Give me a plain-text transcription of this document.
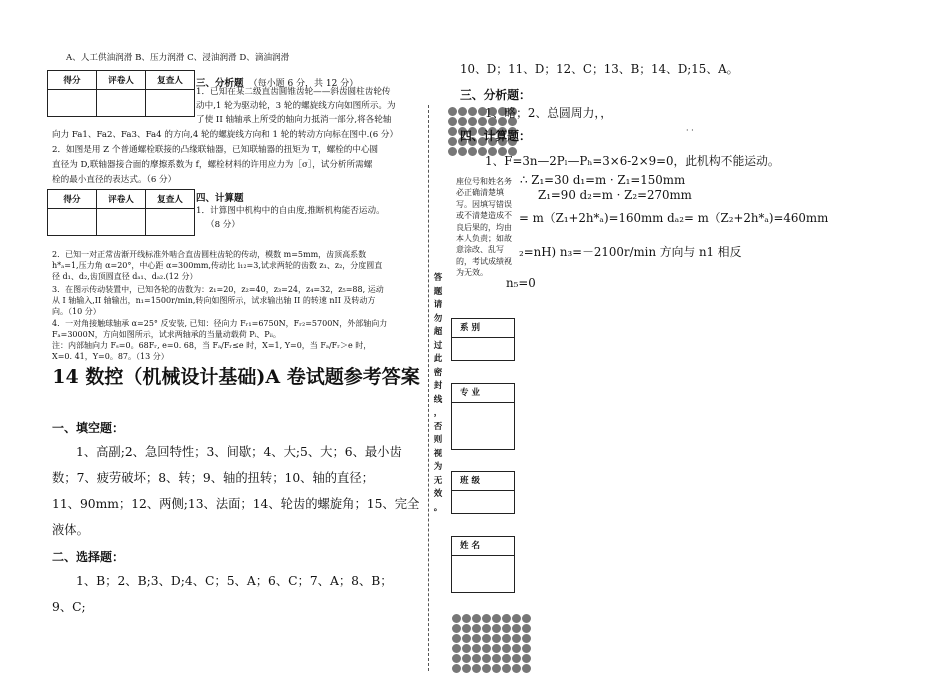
A、人工供油润滑 B、压力润滑 C、浸油润滑 D、滴油润滑
得分	评卷人	复查人
		三、分析题 （每小题 6 分，共 12 分）
1．已知在某二级直齿圆锥齿轮——斜齿圆柱齿轮传
动中,1 轮为驱动轮，3 轮的螺旋线方向如图所示。为
了使 II 轴轴承上所受的轴向力抵消一部分,将各轮轴
向力 Fa1、Fa2、Fa3、Fa4 的方向,4 轮的螺旋线方向和 1 轮的转动方向标在图中.(6 分）
2．如图是用 Z 个普通螺栓联接的凸缘联轴器，已知联轴器的扭矩为 T，螺栓的中心圆
直径为 D,联轴器接合面的摩擦系数为 f，螺栓材料的许用应力为［σ］，试分析所需螺
栓的最小直径的表达式。（6 分）
得分	评卷人	复查人
		四、计算题
1．计算图中机构中的自由度,推断机构能否运动。
（8 分）
2．已知一对正常齿渐开线标准外啮合直齿圆柱齿轮的传动，模数 m=5mm，齿顶高系数
h*ₐ=1,压力角 α=20°，中心距 α=300mm,传动比 i₁₂=3,试求两轮的齿数 z₁、z₂，分度圆直
径 d₁、d₂,齿顶圆直径 dₐ₁、dₐ₂.(12 分）
3．在图示传动装置中，已知各轮的齿数为：z₁=20，z₂=40，z₃=24，z₄=32，z₅=88, 运动
从 I 轴输入,II 轴输出，n₁=1500r/min,转向如图所示，试求输出轴 II 的转速 nII 及转动方
向。（10 分）
4．一对角接触球轴承 α=25° 反安装, 已知：径向力 Fᵣ₁=6750N，Fᵣ₂=5700N，外部轴向力
Fₐ=3000N，方向如图所示，试求两轴承的当量动载荷 Pᵢ、Pᵢᵢ。
注：内部轴向力 Fₛ=0。68Fᵣ, e=0. 68，当 Fₐ/Fᵣ≤e 时，X=1, Y=0，当 Fₐ/Fᵣ＞e 时，
X=0. 41，Y=0。87。（13 分）
14 数控（机械设计基础)A 卷试题参考答案
一、填空题：
1、高副;2、急回特性；3、间歇；4、大;5、大；6、最小齿
数；7、疲劳破坏；8、转；9、轴的扭转；10、轴的直径；
11、90mm；12、两侧;13、法面；14、轮齿的螺旋角；15、完全
液体。
二、选择题：
1、B；2、B;3、D;4、C；5、A；6、C；7、A；8、B；
9、C;
答
题
请
勿
超
过
此
密
封
线
，
否
则
视
为
无
效
。
座位号和姓名务必正确清楚填写。因填写错误或不清楚造成不良后果的，均由本人负责；如故意涂改、乱写的，考试成绩视为无效。
系 别
专 业
班 级
姓 名
10、D；11、D；12、C；13、B；14、D;15、A。
三、分析题：
1、略；2、总圆周力，，
四、计算题：	· ·
1、F=3n—2Pₗ—Pₕ=3×6-2×9=0，此机构不能运动。
∴ Z₁=30 d₁=m · Z₁=150mm
Z₁=90 d₂=m · Z₂=270mm
= m（Z₁+2h*ₐ)=160mm dₐ₂= m（Z₂+2h*ₐ)=460mm
₂=nH) n₃=－2100r/min 方向与 n1 相反
n₅=0
